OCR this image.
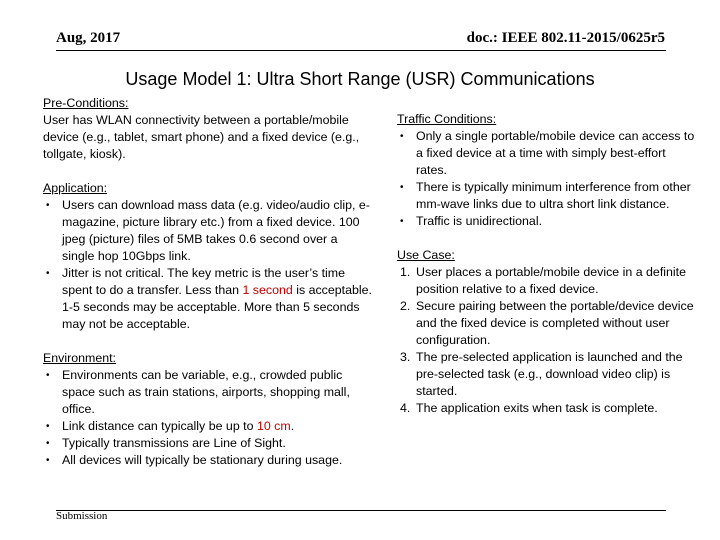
Aug, 2017	doc.: IEEE 802.11-2015/0625r5
Usage Model 1: Ultra Short Range (USR) Communications
Pre-Conditions:

User has WLAN connectivity between a portable/mobile device (e.g., tablet, smart phone) and a fixed device (e.g., tollgate, kiosk).

Application:
• Users can download mass data (e.g. video/audio clip, e-magazine, picture library etc.) from a fixed device. 100 jpeg (picture) files of 5MB takes 0.6 second over a single hop 10Gbps link.
• Jitter is not critical. The key metric is the user’s time spent to do a transfer. Less than 1 second is acceptable. 1-5 seconds may be acceptable. More than 5 seconds may not be acceptable.
Environment:
• Environments can be variable, e.g., crowded public space such as train stations, airports, shopping mall, office.
• Link distance can typically be up to 10 cm.
• Typically transmissions are Line of Sight.
• All devices will typically be stationary during usage.
Traffic Conditions:
• Only a single portable/mobile device can access to a fixed device at a time with simply best-effort rates.
• There is typically minimum interference from other mm-wave links due to ultra short link distance.
• Traffic is unidirectional.
Use Case:
1. User places a portable/mobile device in a definite position relative to a fixed device.
2. Secure pairing between the portable/device device and the fixed device is completed without user configuration.
3. The pre-selected application is launched and the pre-selected task (e.g., download video clip) is started.
4. The application exits when task is complete.
Submission
